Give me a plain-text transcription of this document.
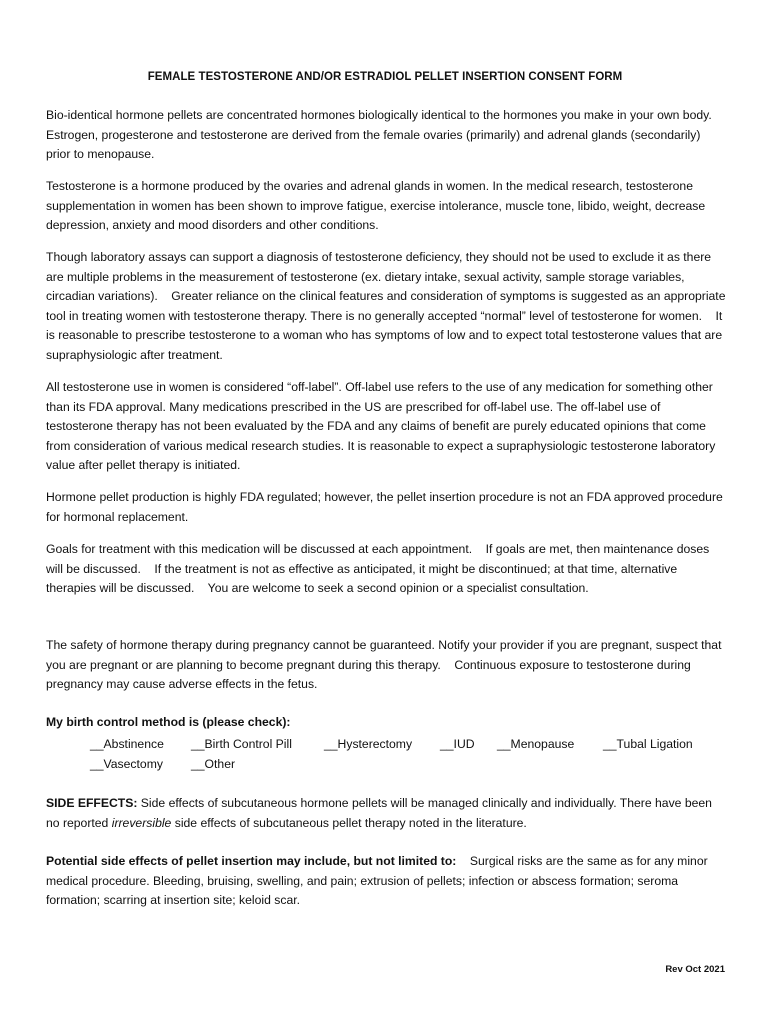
FEMALE TESTOSTERONE AND/OR ESTRADIOL PELLET INSERTION CONSENT FORM

Bio-identical hormone pellets are concentrated hormones biologically identical to the hormones you make in your own body. Estrogen, progesterone and testosterone are derived from the female ovaries (primarily) and adrenal glands (secondarily) prior to menopause.

Testosterone is a hormone produced by the ovaries and adrenal glands in women. In the medical research, testosterone supplementation in women has been shown to improve fatigue, exercise intolerance, muscle tone, libido, weight, decrease depression, anxiety and mood disorders and other conditions.

Though laboratory assays can support a diagnosis of testosterone deficiency, they should not be used to exclude it as there are multiple problems in the measurement of testosterone (ex. dietary intake, sexual activity, sample storage variables, circadian variations).    Greater reliance on the clinical features and consideration of symptoms is suggested as an appropriate tool in treating women with testosterone therapy. There is no generally accepted “normal” level of testosterone for women.    It is reasonable to prescribe testosterone to a woman who has symptoms of low and to expect total testosterone values that are supraphysiologic after treatment.

All testosterone use in women is considered “off-label”. Off-label use refers to the use of any medication for something other than its FDA approval. Many medications prescribed in the US are prescribed for off-label use. The off-label use of testosterone therapy has not been evaluated by the FDA and any claims of benefit are purely educated opinions that come from consideration of various medical research studies. It is reasonable to expect a supraphysiologic testosterone laboratory value after pellet therapy is initiated.

Hormone pellet production is highly FDA regulated; however, the pellet insertion procedure is not an FDA approved procedure for hormonal replacement.

Goals for treatment with this medication will be discussed at each appointment.    If goals are met, then maintenance doses will be discussed.    If the treatment is not as effective as anticipated, it might be discontinued; at that time, alternative therapies will be discussed.    You are welcome to seek a second opinion or a specialist consultation.

The safety of hormone therapy during pregnancy cannot be guaranteed. Notify your provider if you are pregnant, suspect that you are pregnant or are planning to become pregnant during this therapy.    Continuous exposure to testosterone during pregnancy may cause adverse effects in the fetus.

My birth control method is (please check):
__Abstinence	__Birth Control Pill	__Hysterectomy	__IUD	__Menopause	__Tubal Ligation
__Vasectomy	__Other

SIDE EFFECTS: Side effects of subcutaneous hormone pellets will be managed clinically and individually. There have been no reported irreversible side effects of subcutaneous pellet therapy noted in the literature.

Potential side effects of pellet insertion may include, but not limited to:    Surgical risks are the same as for any minor medical procedure. Bleeding, bruising, swelling, and pain; extrusion of pellets; infection or abscess formation; seroma formation; scarring at insertion site; keloid scar.

Rev Oct 2021
